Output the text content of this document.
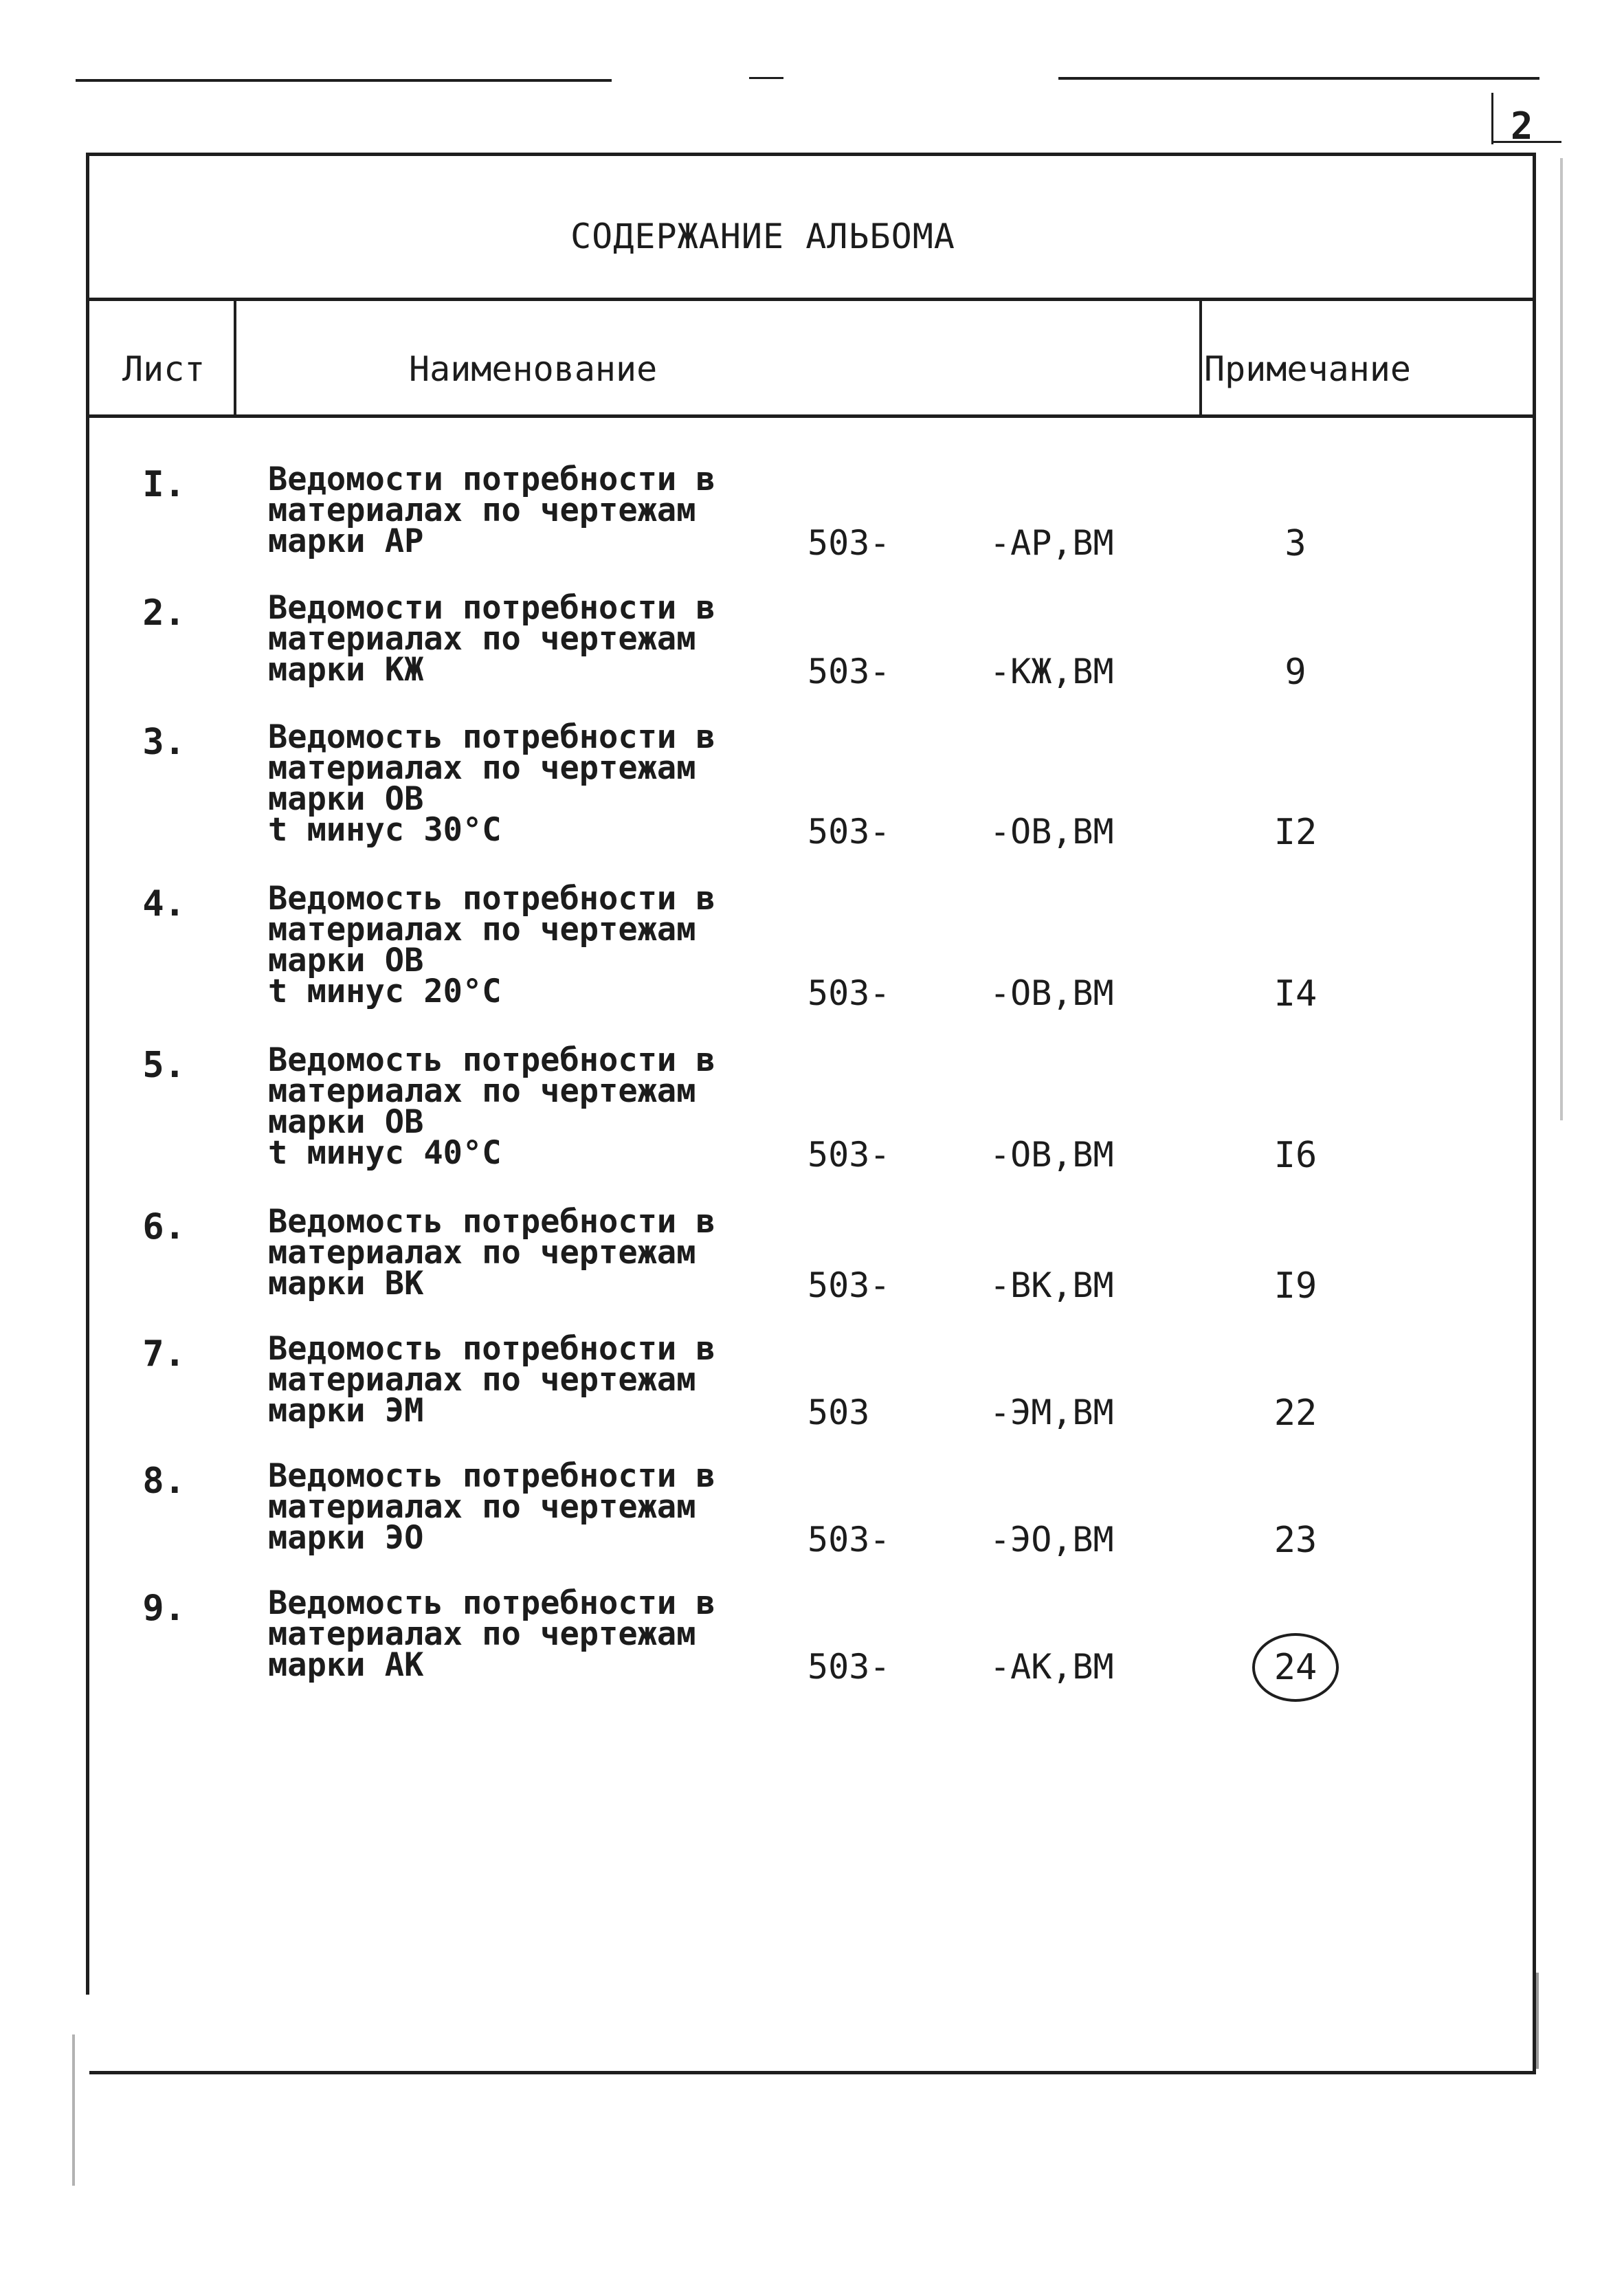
2
СОДЕРЖАНИЕ АЛЬБОМА
Лист	Наименование	Примечание
I.	Ведомости потребности в
материалах по чертежам
марки АР	503-	-АР,ВМ	3
2.	Ведомости потребности в
материалах по чертежам
марки КЖ	503-	-КЖ,ВМ	9
3.	Ведомость потребности в
материалах по чертежам
марки ОВ
t минус 30°С	503-	-ОВ,ВМ	I2
4.	Ведомость потребности в
материалах по чертежам
марки ОВ
t минус 20°С	503-	-ОВ,ВМ	I4
5.	Ведомость потребности в
материалах по чертежам
марки ОВ
t минус 40°С	503-	-ОВ,ВМ	I6
6.	Ведомость потребности в
материалах по чертежам
марки ВК	503-	-ВК,ВМ	I9
7.	Ведомость потребности в
материалах по чертежам
марки ЭМ	503	-ЭМ,ВМ	22
8.	Ведомость потребности в
материалах по чертежам
марки ЭО	503-	-ЭО,ВМ	23
9.	Ведомость потребности в
материалах по чертежам
марки АК	503-	-АК,ВМ	24
